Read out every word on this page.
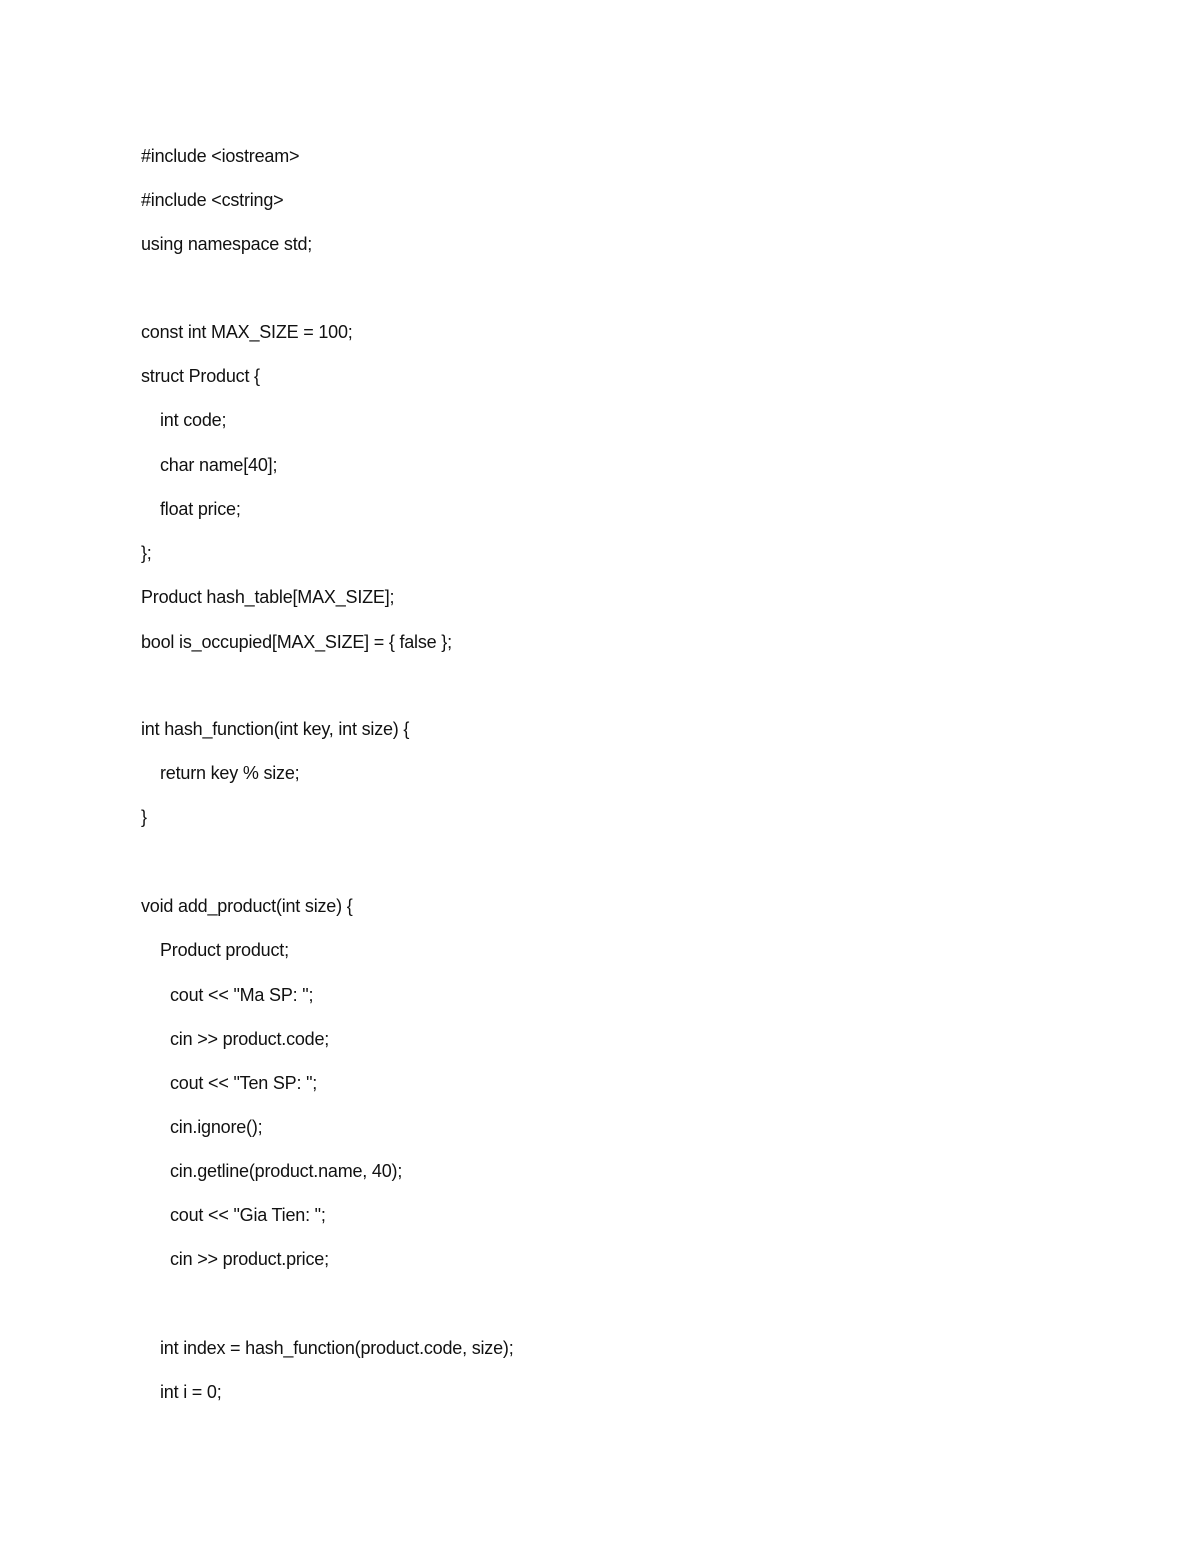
#include <iostream>
#include <cstring>
using namespace std;
const int MAX_SIZE = 100;
struct Product {
int code;
char name[40];
float price;
};
Product hash_table[MAX_SIZE];
bool is_occupied[MAX_SIZE] = { false };
int hash_function(int key, int size) {
return key % size;
}
void add_product(int size) {
Product product;
cout << "Ma SP: ";
cin >> product.code;
cout << "Ten SP: ";
cin.ignore();
cin.getline(product.name, 40);
cout << "Gia Tien: ";
cin >> product.price;
int index = hash_function(product.code, size);
int i = 0;
